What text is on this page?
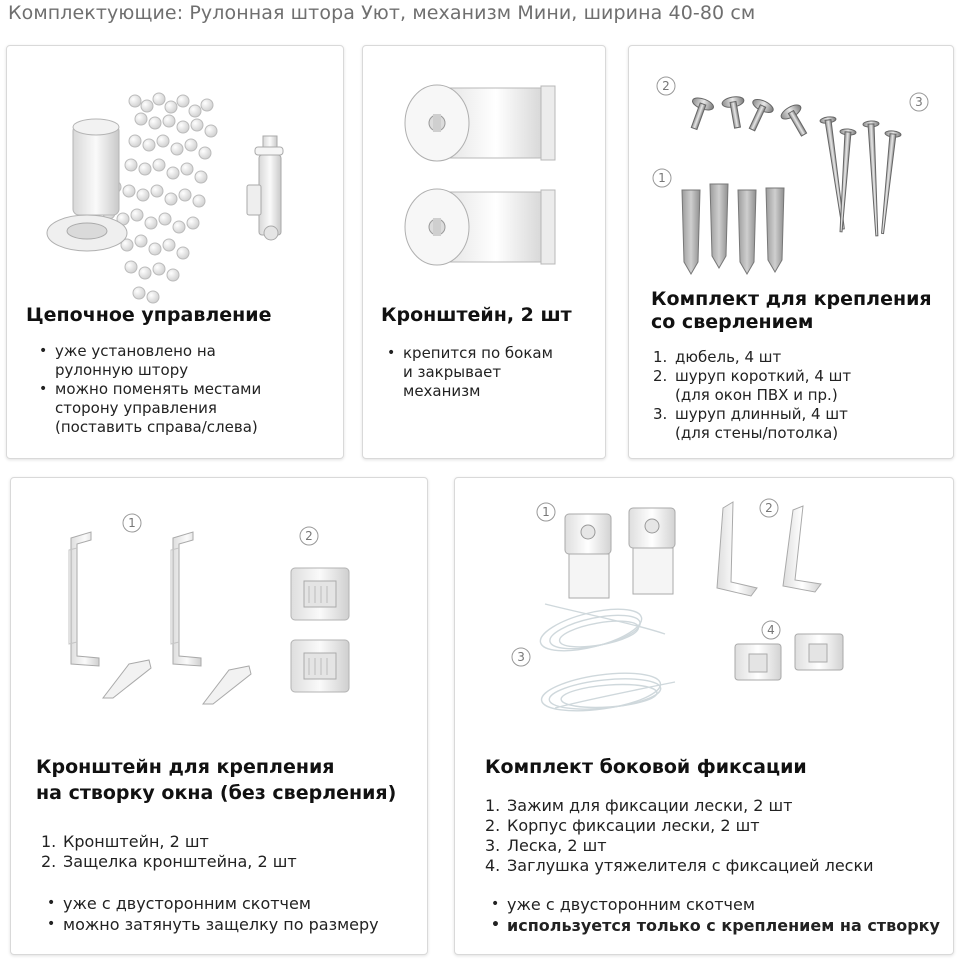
Комплектующие: Рулонная штора Уют, механизм Мини, ширина 40-80 см
Цепочное управление
• уже установлено на
рулонную штору
• можно поменять местами
сторону управления
(поставить справа/слева)
Кронштейн, 2 шт
• крепится по бокам
и закрывает
механизм
2
3
1
Комплект для крепления
со сверлением
1. дюбель, 4 шт
2. шуруп короткий, 4 шт
(для окон ПВХ и пр.)
3. шуруп длинный, 4 шт
(для стены/потолка)
1
2
Кронштейн для крепления
на створку окна (без сверления)
1. Кронштейн, 2 шт
2. Защелка кронштейна, 2 шт
• уже с двусторонним скотчем
• можно затянуть защелку по размеру
1	2
3
4
Комплект боковой фиксации
1. Зажим для фиксации лески, 2 шт
2. Корпус фиксации лески, 2 шт
3. Леска, 2 шт
4. Заглушка утяжелителя с фиксацией лески
• уже с двусторонним скотчем
• используется только с креплением на створку
